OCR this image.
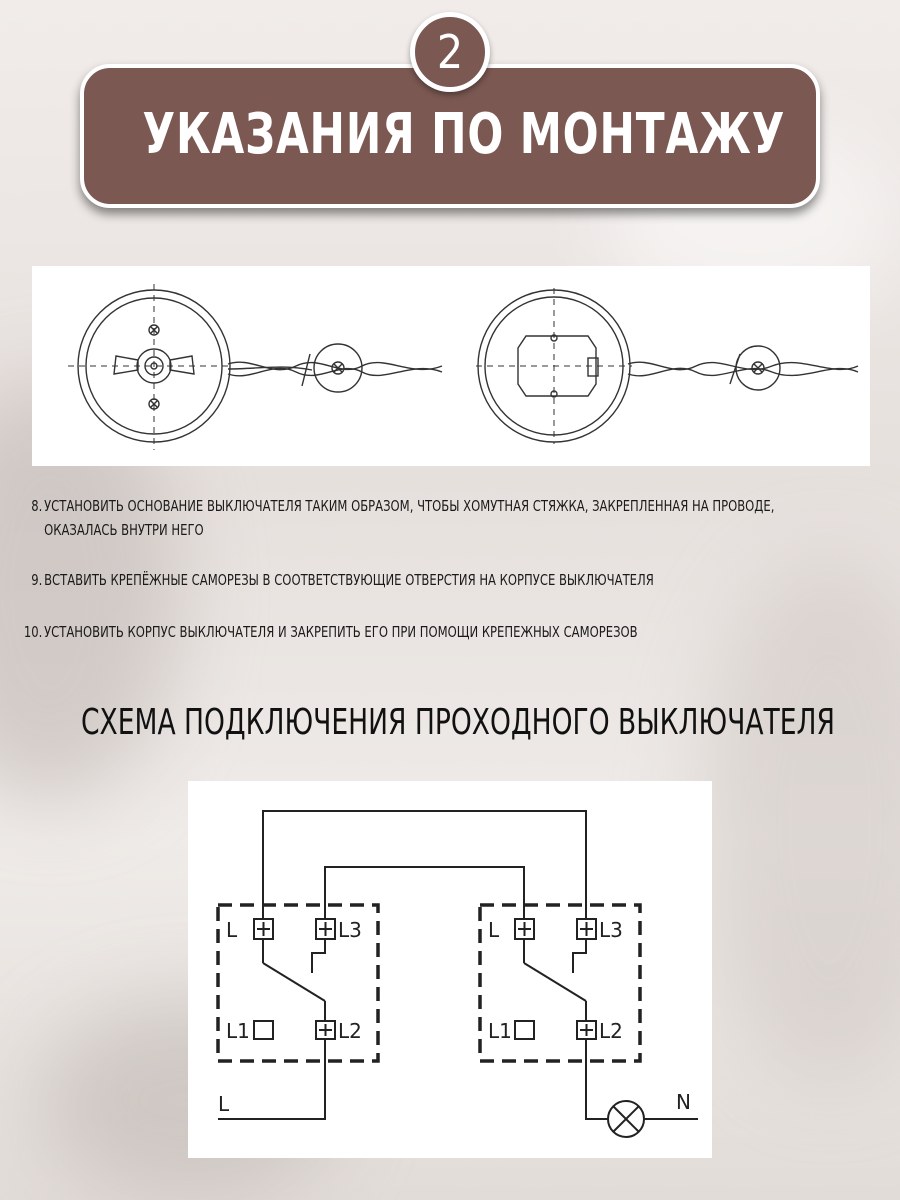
УКАЗАНИЯ ПО МОНТАЖУ
2
8. УСТАНОВИТЬ ОСНОВАНИЕ ВЫКЛЮЧАТЕЛЯ ТАКИМ ОБРАЗОМ, ЧТОБЫ ХОМУТНАЯ СТЯЖКА, ЗАКРЕПЛЕННАЯ НА ПРОВОДЕ,
ОКАЗАЛАСЬ ВНУТРИ НЕГО
9. ВСТАВИТЬ КРЕПЁЖНЫЕ САМОРЕЗЫ В СООТВЕТСТВУЮЩИЕ ОТВЕРСТИЯ НА КОРПУСЕ ВЫКЛЮЧАТЕЛЯ
10. УСТАНОВИТЬ КОРПУС ВЫКЛЮЧАТЕЛЯ И ЗАКРЕПИТЬ ЕГО ПРИ ПОМОЩИ КРЕПЕЖНЫХ САМОРЕЗОВ
СХЕМА ПОДКЛЮЧЕНИЯ ПРОХОДНОГО ВЫКЛЮЧАТЕЛЯ
L	L3
L1	L2
L	L3
L1	L2
L	N
